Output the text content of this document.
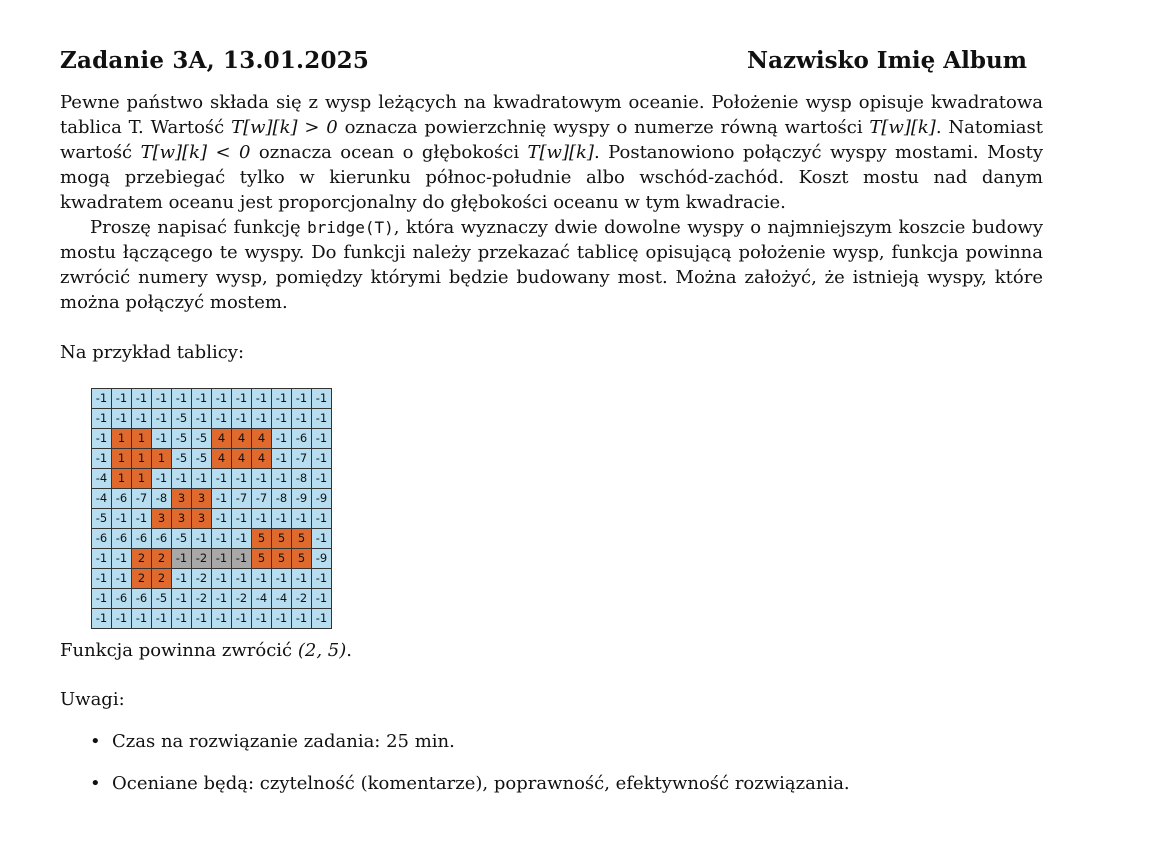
Zadanie 3A, 13.01.2025	Nazwisko Imię Album
Pewne państwo składa się z wysp leżących na kwadratowym oceanie. Położenie wysp opisuje kwadratowa tablica T. Wartość T[w][k] > 0 oznacza powierzchnię wyspy o numerze równą wartości T[w][k]. Natomiast wartość T[w][k] < 0 oznacza ocean o głębokości T[w][k]. Postanowiono połączyć wyspy mostami. Mosty mogą przebiegać tylko w kierunku północ-południe albo wschód-zachód. Koszt mostu nad danym kwadratem oceanu jest proporcjonalny do głębokości oceanu w tym kwadracie.
Proszę napisać funkcję bridge(T), która wyznaczy dwie dowolne wyspy o najmniejszym koszcie budowy mostu łączącego te wyspy. Do funkcji należy przekazać tablicę opisującą położenie wysp, funkcja powinna zwrócić numery wysp, pomiędzy którymi będzie budowany most. Można założyć, że istnieją wyspy, które można połączyć mostem.
Na przykład tablicy:
-1	-1	-1	-1	-1	-1	-1	-1	-1	-1	-1	-1
-1	-1	-1	-1	-5	-1	-1	-1	-1	-1	-1	-1
-1	1	1	-1	-5	-5	4	4	4	-1	-6	-1
-1	1	1	1	-5	-5	4	4	4	-1	-7	-1
-4	1	1	-1	-1	-1	-1	-1	-1	-1	-8	-1
-4	-6	-7	-8	3	3	-1	-7	-7	-8	-9	-9
-5	-1	-1	3	3	3	-1	-1	-1	-1	-1	-1
-6	-6	-6	-6	-5	-1	-1	-1	5	5	5	-1
-1	-1	2	2	-1	-2	-1	-1	5	5	5	-9
-1	-1	2	2	-1	-2	-1	-1	-1	-1	-1	-1
-1	-6	-6	-5	-1	-2	-1	-2	-4	-4	-2	-1
-1	-1	-1	-1	-1	-1	-1	-1	-1	-1	-1	-1
Funkcja powinna zwrócić (2, 5).
Uwagi:
• Czas na rozwiązanie zadania: 25 min.
• Oceniane będą: czytelność (komentarze), poprawność, efektywność rozwiązania.
